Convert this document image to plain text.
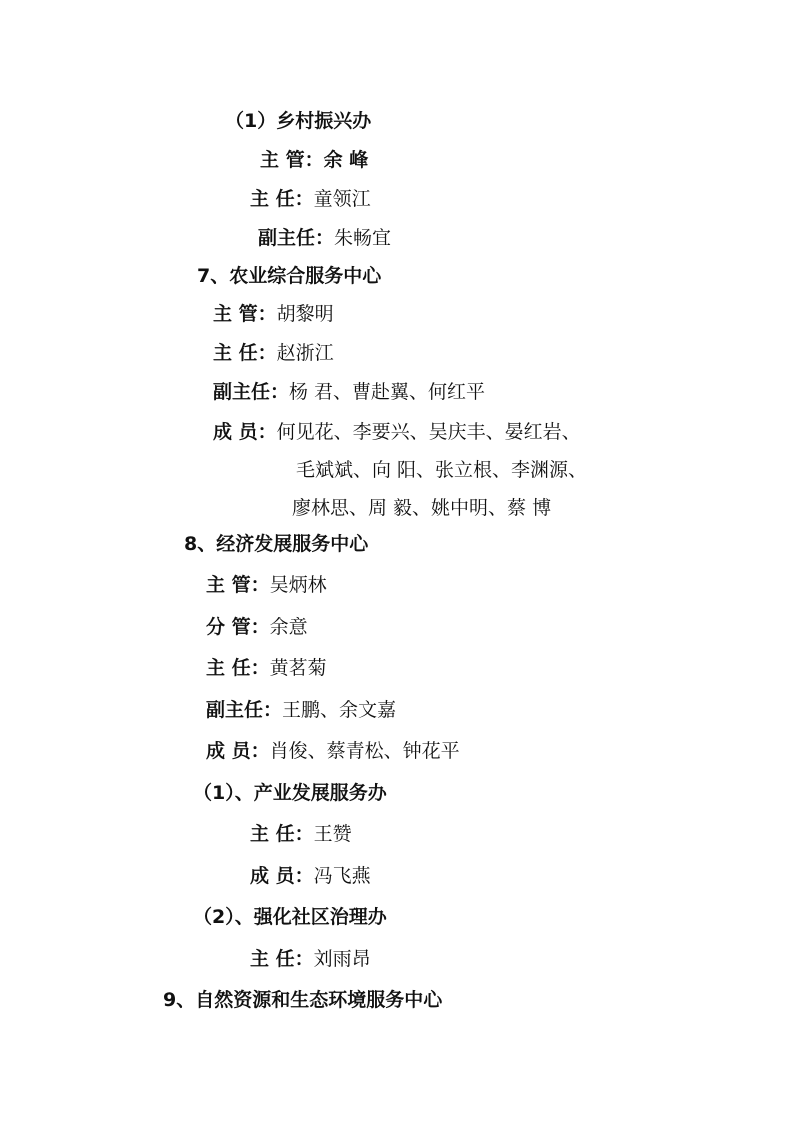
（1）乡村振兴办
主 管：余 峰
主 任：童领江
副主任：朱畅宜
7、农业综合服务中心
主 管：胡黎明
主 任：赵浙江
副主任：杨 君、曹赴翼、何红平
成 员：何见花、李要兴、吴庆丰、晏红岩、
毛斌斌、向 阳、张立根、李渊源、
廖林思、周 毅、姚中明、蔡 博
8、经济发展服务中心
主 管：吴炳林
分 管：余意
主 任：黄茗菊
副主任：王鹏、余文嘉
成 员：肖俊、蔡青松、钟花平
（1）、产业发展服务办
主 任：王赞
成 员：冯飞燕
（2）、强化社区治理办
主 任：刘雨昂
9、自然资源和生态环境服务中心
